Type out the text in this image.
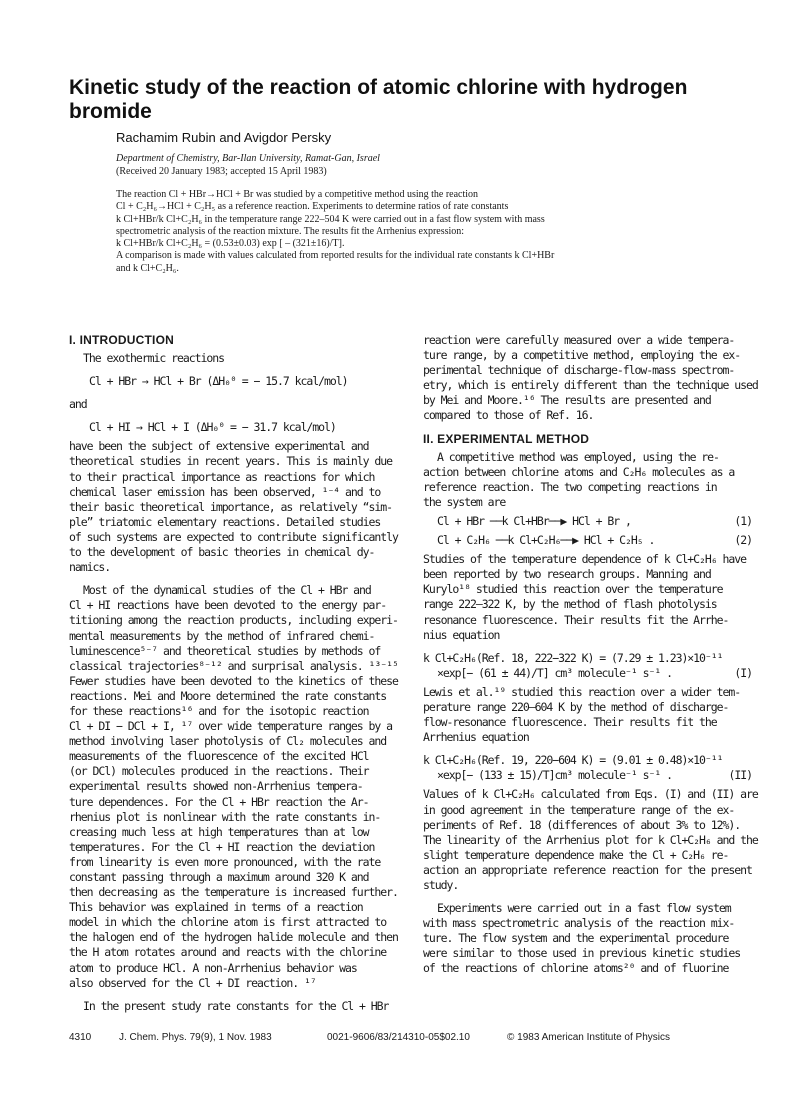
Kinetic study of the reaction of atomic chlorine with hydrogen bromide
Rachamim Rubin and Avigdor Persky
Department of Chemistry, Bar-Ilan University, Ramat-Gan, Israel
(Received 20 January 1983; accepted 15 April 1983)
The reaction Cl + HBr→HCl + Br was studied by a competitive method using the reaction
Cl + C₂H₆→HCl + C₂H₅ as a reference reaction. Experiments to determine ratios of rate constants
k Cl+HBr/k Cl+C₂H₆ in the temperature range 222–504 K were carried out in a fast flow system with mass
spectrometric analysis of the reaction mixture. The results fit the Arrhenius expression:
k Cl+HBr/k Cl+C₂H₆ = (0.53±0.03) exp [ – (321±16)/T].
A comparison is made with values calculated from reported results for the individual rate constants k Cl+HBr
and k Cl+C₂H₆.
I. INTRODUCTION
The exothermic reactions
Cl + HBr → HCl + Br (ΔH₀⁰ = − 15.7 kcal/mol)
and
Cl + HI → HCl + I (ΔH₀⁰ = − 31.7 kcal/mol)
have been the subject of extensive experimental and
theoretical studies in recent years. This is mainly due
to their practical importance as reactions for which
chemical laser emission has been observed, ¹⁻⁴ and to
their basic theoretical importance, as relatively “sim-
ple” triatomic elementary reactions. Detailed studies
of such systems are expected to contribute significantly
to the development of basic theories in chemical dy-
namics.
Most of the dynamical studies of the Cl + HBr and
Cl + HI reactions have been devoted to the energy par-
titioning among the reaction products, including experi-
mental measurements by the method of infrared chemi-
luminescence⁵⁻⁷ and theoretical studies by methods of
classical trajectories⁸⁻¹² and surprisal analysis. ¹³⁻¹⁵
Fewer studies have been devoted to the kinetics of these
reactions. Mei and Moore determined the rate constants
for these reactions¹⁶ and for the isotopic reaction
Cl + DI − DCl + I, ¹⁷ over wide temperature ranges by a
method involving laser photolysis of Cl₂ molecules and
measurements of the fluorescence of the excited HCl
(or DCl) molecules produced in the reactions. Their
experimental results showed non-Arrhenius tempera-
ture dependences. For the Cl + HBr reaction the Ar-
rhenius plot is nonlinear with the rate constants in-
creasing much less at high temperatures than at low
temperatures. For the Cl + HI reaction the deviation
from linearity is even more pronounced, with the rate
constant passing through a maximum around 320 K and
then decreasing as the temperature is increased further.
This behavior was explained in terms of a reaction
model in which the chlorine atom is first attracted to
the halogen end of the hydrogen halide molecule and then
the H atom rotates around and reacts with the chlorine
atom to produce HCl. A non-Arrhenius behavior was
also observed for the Cl + DI reaction. ¹⁷
In the present study rate constants for the Cl + HBr
reaction were carefully measured over a wide tempera-
ture range, by a competitive method, employing the ex-
perimental technique of discharge-flow-mass spectrom-
etry, which is entirely different than the technique used
by Mei and Moore.¹⁶ The results are presented and
compared to those of Ref. 16.
II. EXPERIMENTAL METHOD
A competitive method was employed, using the re-
action between chlorine atoms and C₂H₆ molecules as a
reference reaction. The two competing reactions in
the system are
Cl + HBr ──k Cl+HBr──▶ HCl + Br ,	(1)
Cl + C₂H₆ ──k Cl+C₂H₆──▶ HCl + C₂H₅ .	(2)
Studies of the temperature dependence of k Cl+C₂H₆ have
been reported by two research groups. Manning and
Kurylo¹⁸ studied this reaction over the temperature
range 222–322 K, by the method of flash photolysis
resonance fluorescence. Their results fit the Arrhe-
nius equation
k Cl+C₂H₆(Ref. 18, 222−322 K) = (7.29 ± 1.23)×10⁻¹¹
×exp[− (61 ± 44)/T] cm³ molecule⁻¹ s⁻¹ .	(I)
Lewis et al.¹⁹ studied this reaction over a wider tem-
perature range 220–604 K by the method of discharge-
flow-resonance fluorescence. Their results fit the
Arrhenius equation
k Cl+C₂H₆(Ref. 19, 220−604 K) = (9.01 ± 0.48)×10⁻¹¹
×exp[− (133 ± 15)/T]cm³ molecule⁻¹ s⁻¹ .	(II)
Values of k Cl+C₂H₆ calculated from Eqs. (I) and (II) are
in good agreement in the temperature range of the ex-
periments of Ref. 18 (differences of about 3% to 12%).
The linearity of the Arrhenius plot for k Cl+C₂H₆ and the
slight temperature dependence make the Cl + C₂H₆ re-
action an appropriate reference reaction for the present
study.
Experiments were carried out in a fast flow system
with mass spectrometric analysis of the reaction mix-
ture. The flow system and the experimental procedure
were similar to those used in previous kinetic studies
of the reactions of chlorine atoms²⁰ and of fluorine
4310	J. Chem. Phys. 79(9), 1 Nov. 1983	0021-9606/83/214310-05$02.10	© 1983 American Institute of Physics
